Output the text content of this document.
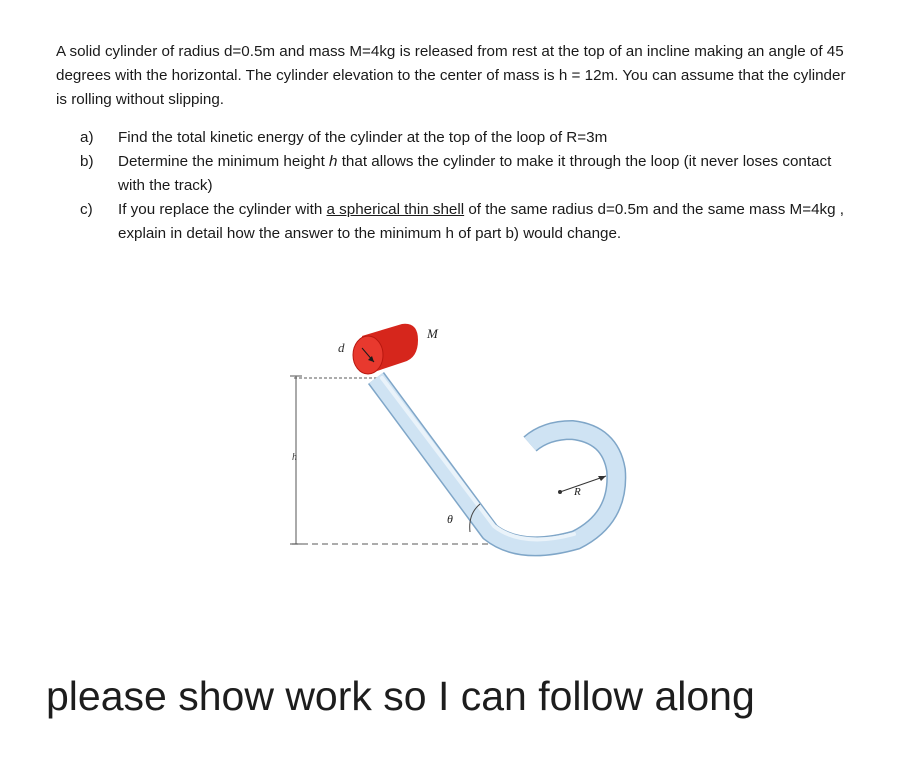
A solid cylinder of radius d=0.5m and mass M=4kg is released from rest at the top of an incline making an angle of 45 degrees with the horizontal. The cylinder elevation to the center of mass is h = 12m. You can assume that the cylinder is rolling without slipping.

a) Find the total kinetic energy of the cylinder at the top of the loop of R=3m
b) Determine the minimum height h that allows the cylinder to make it through the loop (it never loses contact with the track)
c) If you replace the cylinder with a spherical thin shell of the same radius d=0.5m and the same mass M=4kg , explain in detail how the answer to the minimum h of part b) would change.
h
θ
R
d
M
please show work so I can follow along
